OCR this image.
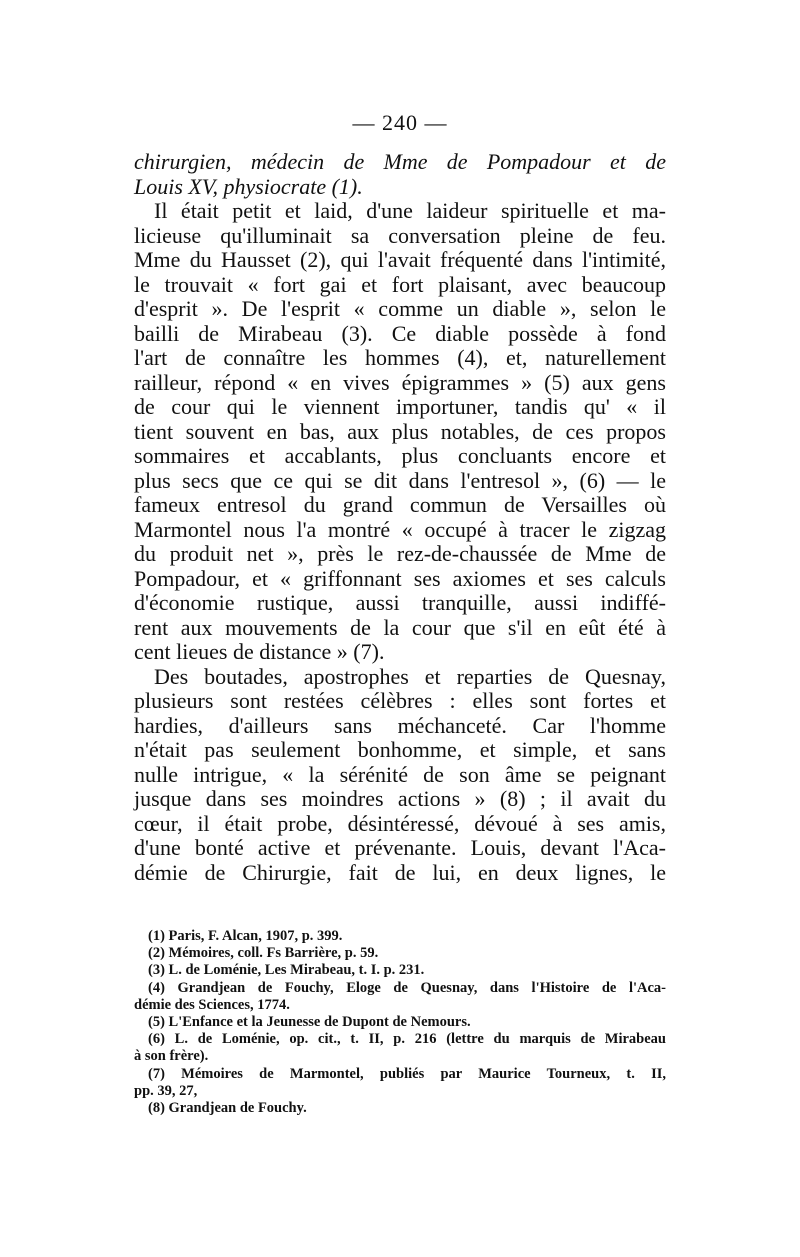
— 240 —
chirurgien, médecin de Mme de Pompadour et de
Louis XV, physiocrate (1).
Il était petit et laid, d'une laideur spirituelle et ma-
licieuse qu'illuminait sa conversation pleine de feu.
Mme du Hausset (2), qui l'avait fréquenté dans l'intimité,
le trouvait « fort gai et fort plaisant, avec beaucoup
d'esprit ». De l'esprit « comme un diable », selon le
bailli de Mirabeau (3). Ce diable possède à fond
l'art de connaître les hommes (4), et, naturellement
railleur, répond « en vives épigrammes » (5) aux gens
de cour qui le viennent importuner, tandis qu' « il
tient souvent en bas, aux plus notables, de ces propos
sommaires et accablants, plus concluants encore et
plus secs que ce qui se dit dans l'entresol », (6) — le
fameux entresol du grand commun de Versailles où
Marmontel nous l'a montré « occupé à tracer le zigzag
du produit net », près le rez-de-chaussée de Mme de
Pompadour, et « griffonnant ses axiomes et ses calculs
d'économie rustique, aussi tranquille, aussi indiffé-
rent aux mouvements de la cour que s'il en eût été à
cent lieues de distance » (7).
Des boutades, apostrophes et reparties de Quesnay,
plusieurs sont restées célèbres : elles sont fortes et
hardies, d'ailleurs sans méchanceté. Car l'homme
n'était pas seulement bonhomme, et simple, et sans
nulle intrigue, « la sérénité de son âme se peignant
jusque dans ses moindres actions » (8) ; il avait du
cœur, il était probe, désintéressé, dévoué à ses amis,
d'une bonté active et prévenante. Louis, devant l'Aca-
démie de Chirurgie, fait de lui, en deux lignes, le
(1) Paris, F. Alcan, 1907, p. 399.
(2) Mémoires, coll. Fs Barrière, p. 59.
(3) L. de Loménie, Les Mirabeau, t. I. p. 231.
(4) Grandjean de Fouchy, Eloge de Quesnay, dans l'Histoire de l'Aca-
démie des Sciences, 1774.
(5) L'Enfance et la Jeunesse de Dupont de Nemours.
(6) L. de Loménie, op. cit., t. II, p. 216 (lettre du marquis de Mirabeau
à son frère).
(7) Mémoires de Marmontel, publiés par Maurice Tourneux, t. II,
pp. 39, 27,
(8) Grandjean de Fouchy.
